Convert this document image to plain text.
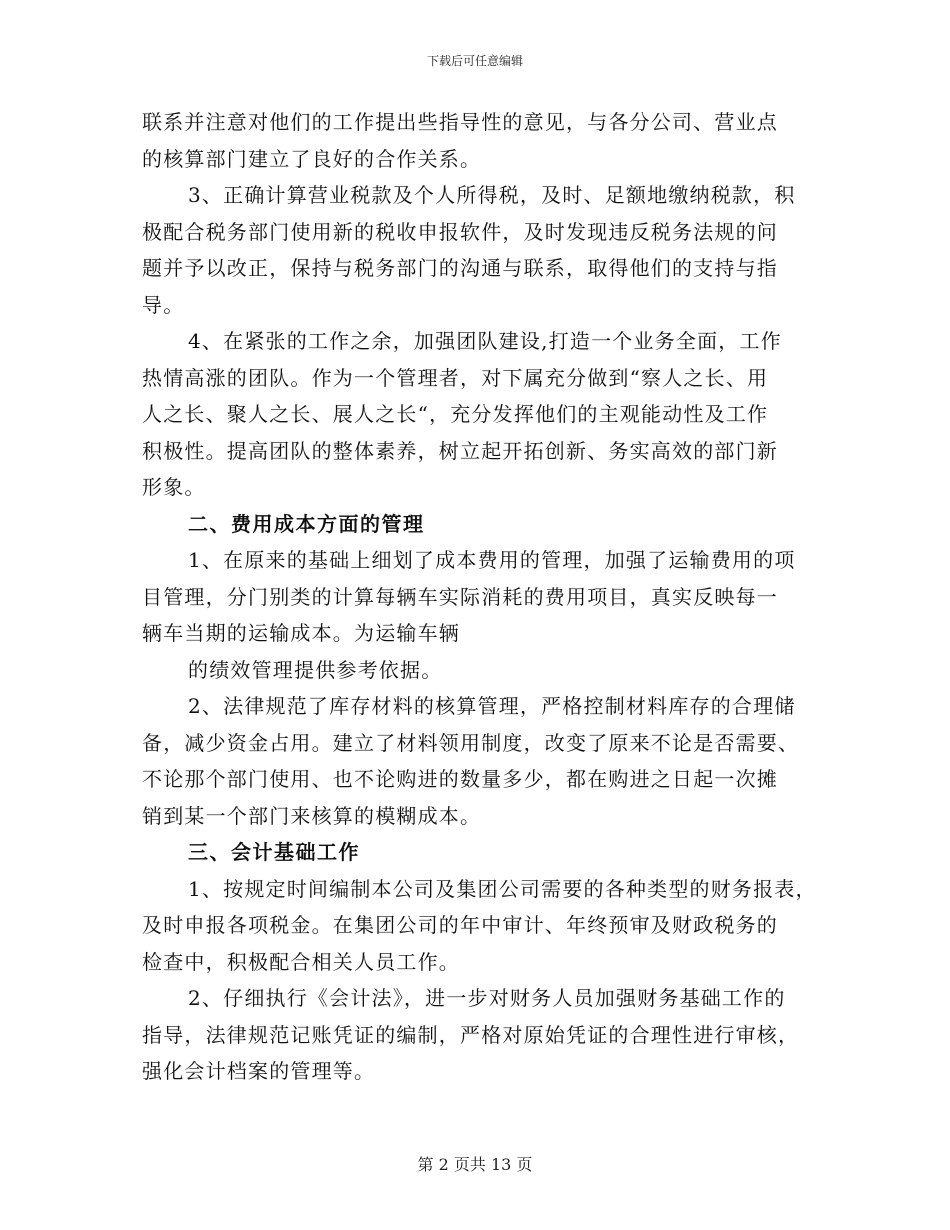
下载后可任意编辑
联系并注意对他们的工作提出些指导性的意见，与各分公司、营业点
的核算部门建立了良好的合作关系。
3、正确计算营业税款及个人所得税，及时、足额地缴纳税款，积
极配合税务部门使用新的税收申报软件，及时发现违反税务法规的问
题并予以改正，保持与税务部门的沟通与联系，取得他们的支持与指
导。
4、在紧张的工作之余，加强团队建设,打造一个业务全面，工作
热情高涨的团队。作为一个管理者，对下属充分做到“察人之长、用
人之长、聚人之长、展人之长“，充分发挥他们的主观能动性及工作
积极性。提高团队的整体素养，树立起开拓创新、务实高效的部门新
形象。
二、费用成本方面的管理
1、在原来的基础上细划了成本费用的管理，加强了运输费用的项
目管理，分门别类的计算每辆车实际消耗的费用项目，真实反映每一
辆车当期的运输成本。为运输车辆
的绩效管理提供参考依据。
2、法律规范了库存材料的核算管理，严格控制材料库存的合理储
备，减少资金占用。建立了材料领用制度，改变了原来不论是否需要、
不论那个部门使用、也不论购进的数量多少，都在购进之日起一次摊
销到某一个部门来核算的模糊成本。
三、会计基础工作
1、按规定时间编制本公司及集团公司需要的各种类型的财务报表，
及时申报各项税金。在集团公司的年中审计、年终预审及财政税务的
检查中，积极配合相关人员工作。
2、仔细执行《会计法》，进一步对财务人员加强财务基础工作的
指导，法律规范记账凭证的编制，严格对原始凭证的合理性进行审核，
强化会计档案的管理等。
第 2 页共 13 页
